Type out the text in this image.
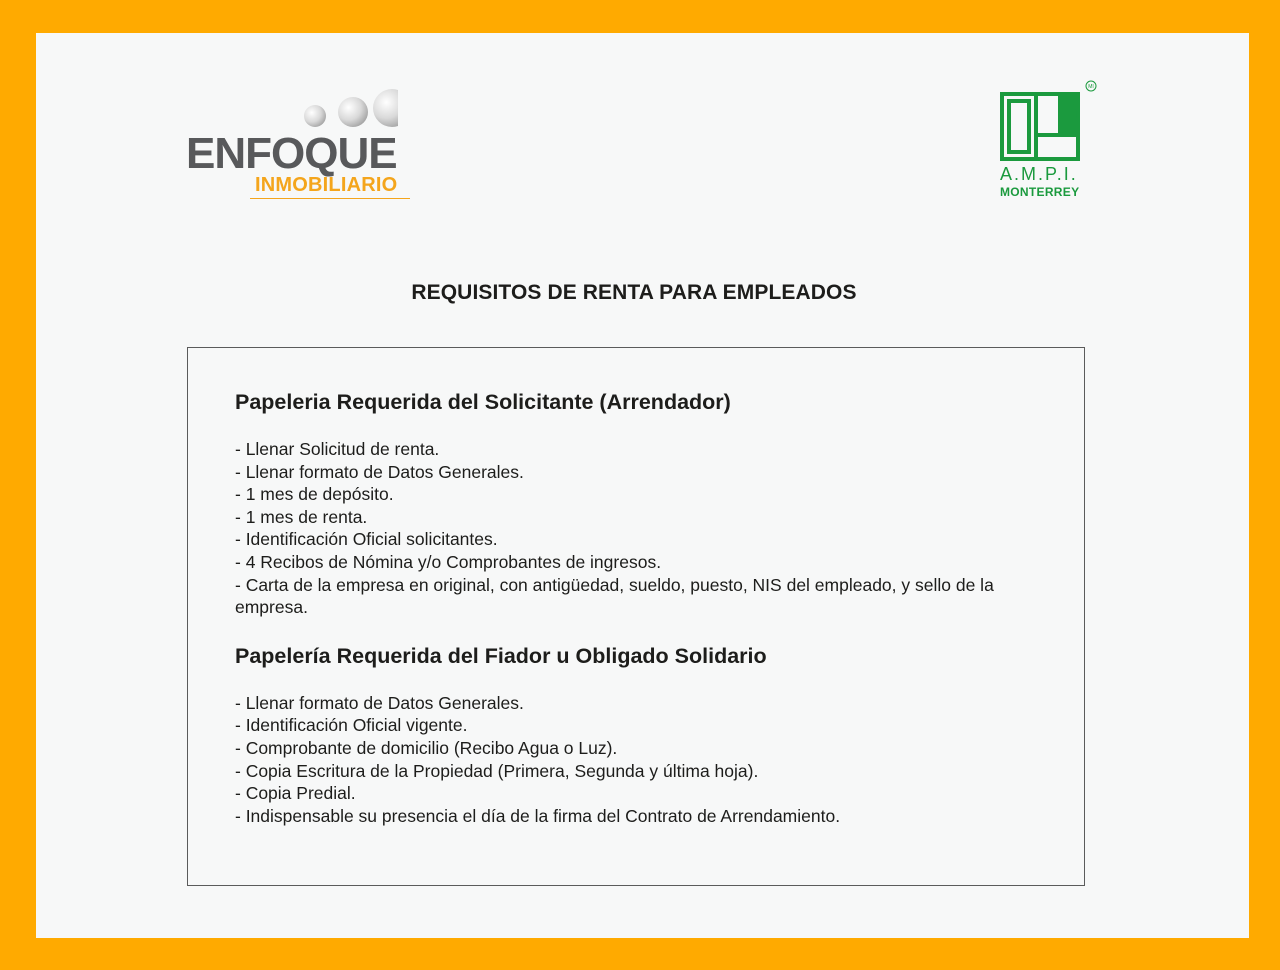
ENFOQUE
INMOBILIARIO
MI
A.M.P.I.
MONTERREY
REQUISITOS DE RENTA PARA EMPLEADOS
Papeleria Requerida del Solicitante (Arrendador)
- Llenar Solicitud de renta.
- Llenar formato de Datos Generales.
- 1 mes de depósito.
- 1 mes de renta.
- Identificación Oficial solicitantes.
- 4 Recibos de Nómina y/o Comprobantes de ingresos.
- Carta de la empresa en original, con antigüedad, sueldo, puesto, NIS del empleado, y sello de la empresa.
Papelería Requerida del Fiador u Obligado Solidario
- Llenar formato de Datos Generales.
- Identificación Oficial vigente.
- Comprobante de domicilio (Recibo Agua o Luz).
- Copia Escritura de la Propiedad (Primera, Segunda y última hoja).
- Copia Predial.
- Indispensable su presencia el día de la firma del Contrato de Arrendamiento.
